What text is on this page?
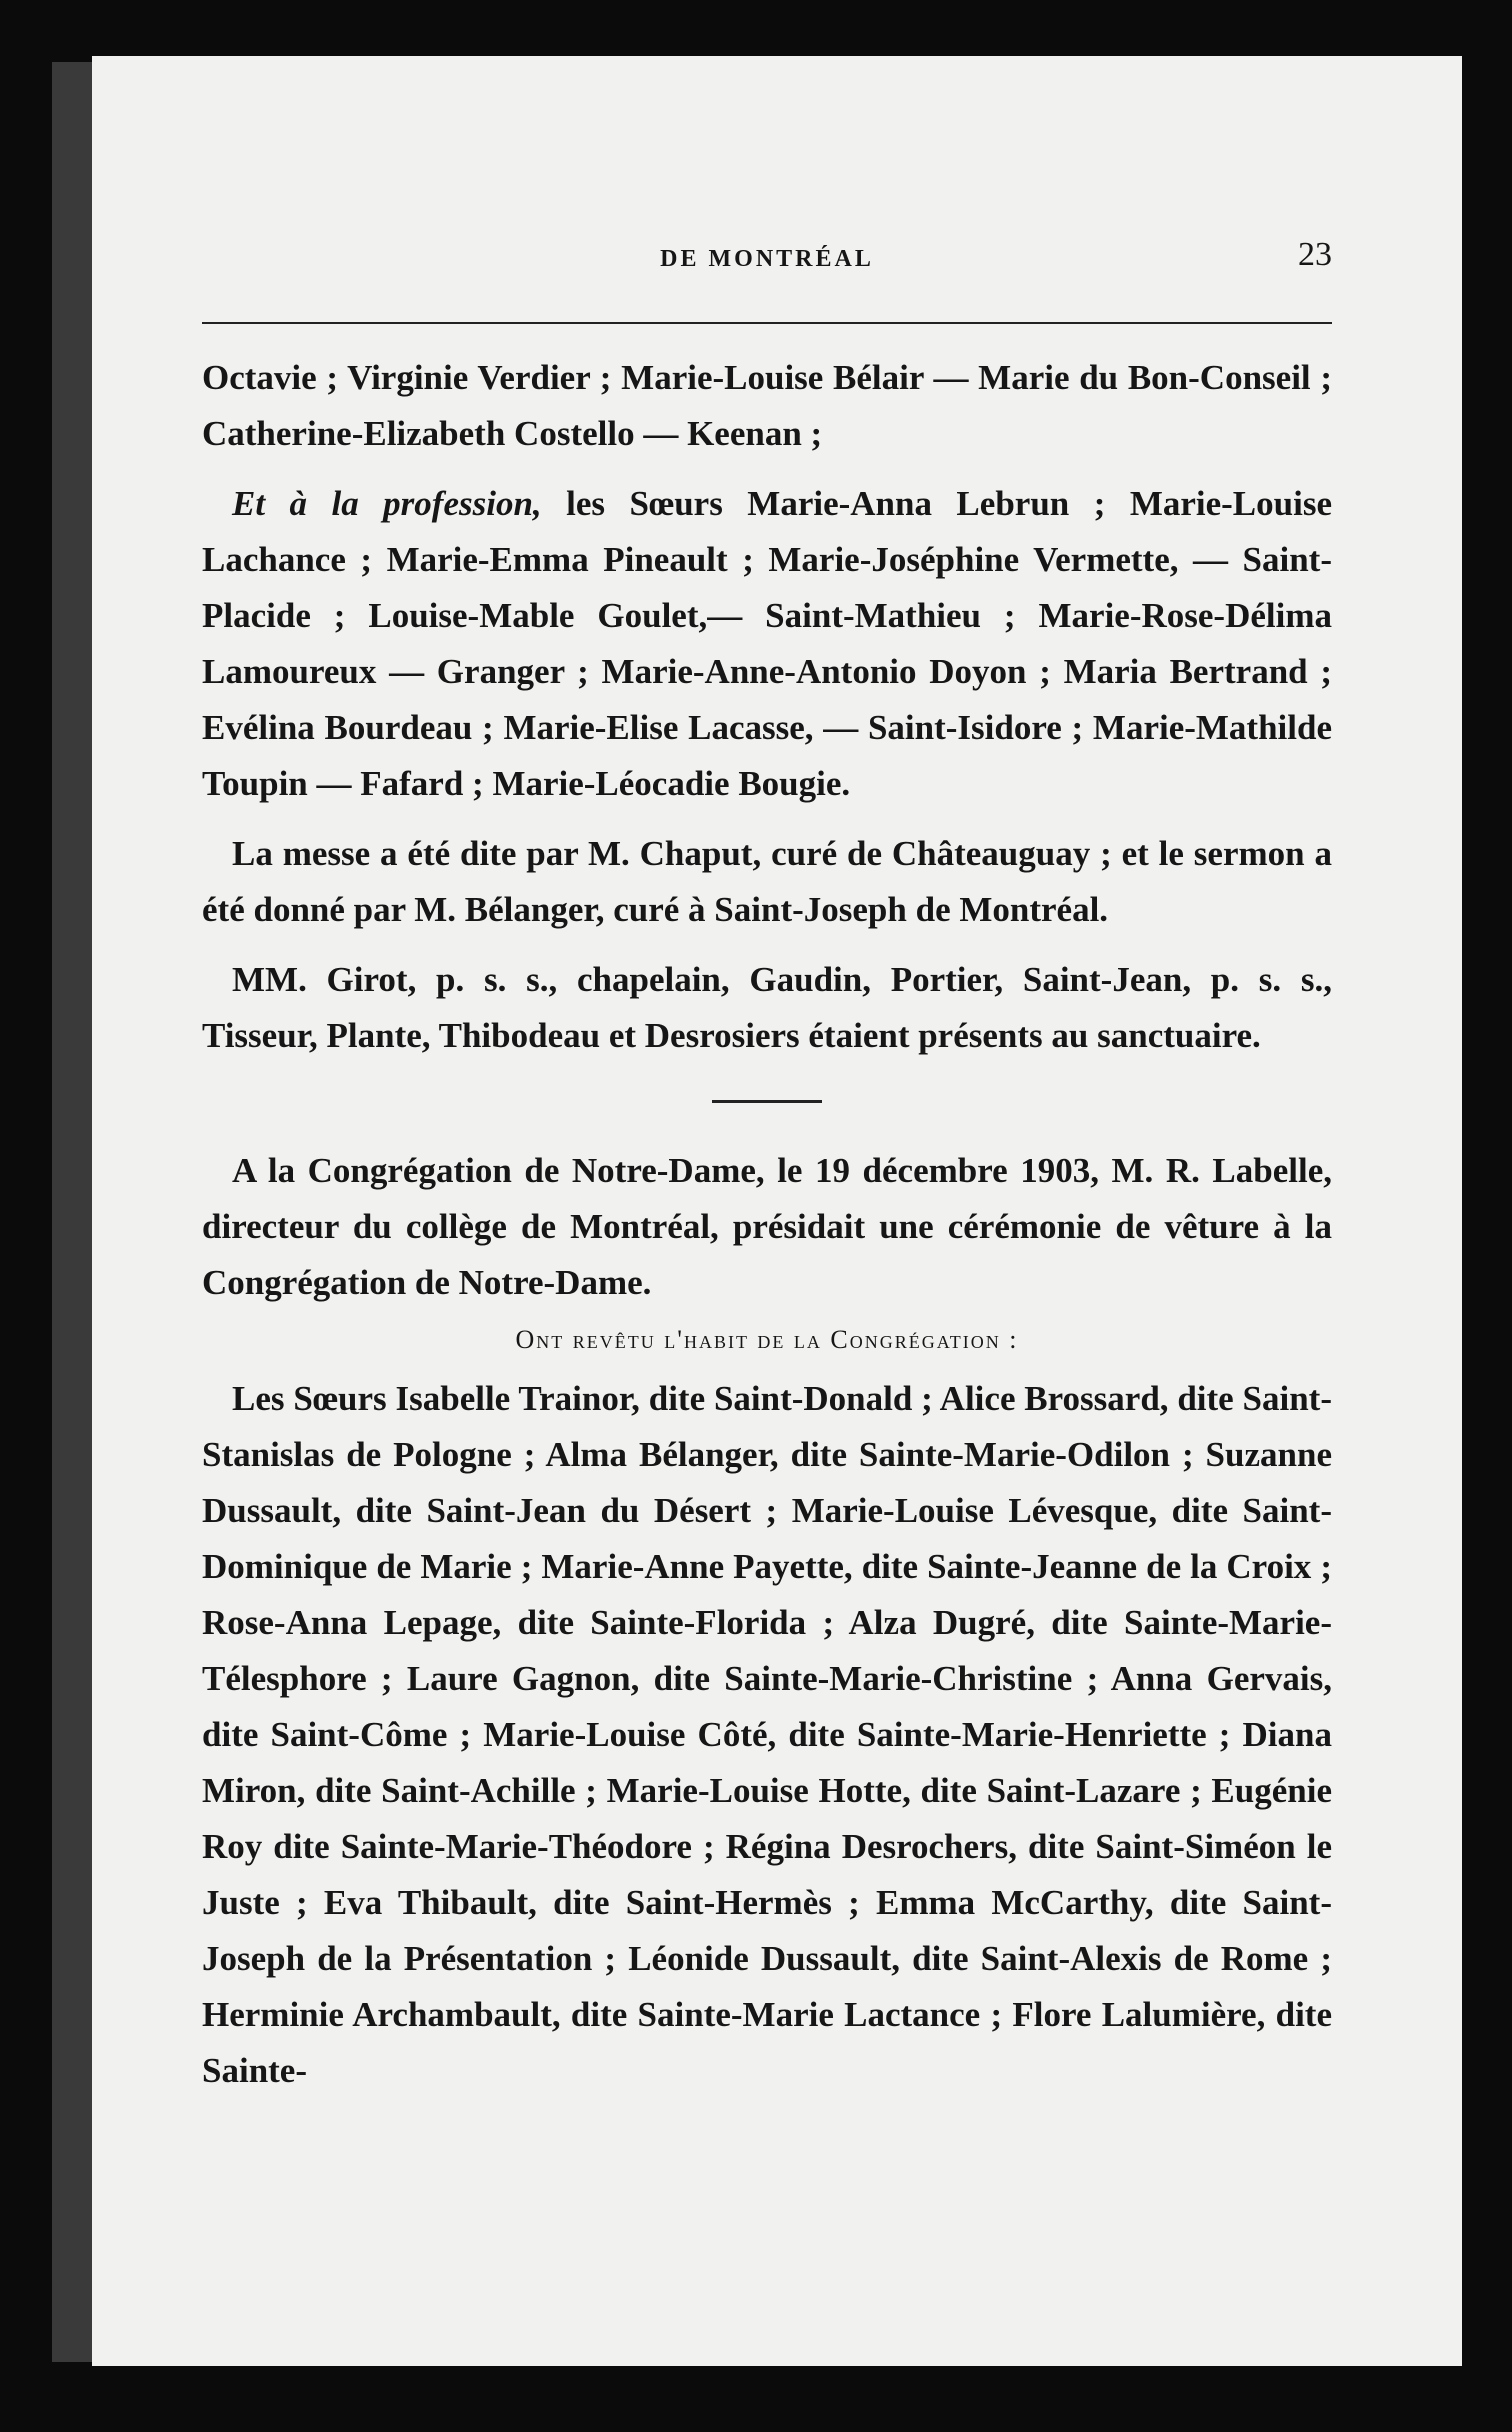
DE MONTRÉAL	23

Octavie ; Virginie Verdier ; Marie-Louise Bélair — Marie du Bon-Conseil ; Catherine-Elizabeth Costello — Keenan ;

Et à la profession, les Sœurs Marie-Anna Lebrun ; Marie-Louise Lachance ; Marie-Emma Pineault ; Marie-Joséphine Vermette, — Saint-Placide ; Louise-Mable Goulet,— Saint-Mathieu ; Marie-Rose-Délima Lamoureux — Granger ; Marie-Anne-Antonio Doyon ; Maria Bertrand ; Evélina Bourdeau ; Marie-Elise Lacasse, — Saint-Isidore ; Marie-Mathilde Toupin — Fafard ; Marie-Léocadie Bougie.

La messe a été dite par M. Chaput, curé de Châteauguay ; et le sermon a été donné par M. Bélanger, curé à Saint-Joseph de Montréal.

MM. Girot, p. s. s., chapelain, Gaudin, Portier, Saint-Jean, p. s. s., Tisseur, Plante, Thibodeau et Desrosiers étaient présents au sanctuaire.

A la Congrégation de Notre-Dame, le 19 décembre 1903, M. R. Labelle, directeur du collège de Montréal, présidait une cérémonie de vêture à la Congrégation de Notre-Dame.

Ont revêtu l'habit de la Congrégation :

Les Sœurs Isabelle Trainor, dite Saint-Donald ; Alice Brossard, dite Saint-Stanislas de Pologne ; Alma Bélanger, dite Sainte-Marie-Odilon ; Suzanne Dussault, dite Saint-Jean du Désert ; Marie-Louise Lévesque, dite Saint-Dominique de Marie ; Marie-Anne Payette, dite Sainte-Jeanne de la Croix ; Rose-Anna Lepage, dite Sainte-Florida ; Alza Dugré, dite Sainte-Marie-Télesphore ; Laure Gagnon, dite Sainte-Marie-Christine ; Anna Gervais, dite Saint-Côme ; Marie-Louise Côté, dite Sainte-Marie-Henriette ; Diana Miron, dite Saint-Achille ; Marie-Louise Hotte, dite Saint-Lazare ; Eugénie Roy dite Sainte-Marie-Théodore ; Régina Desrochers, dite Saint-Siméon le Juste ; Eva Thibault, dite Saint-Hermès ; Emma McCarthy, dite Saint-Joseph de la Présentation ; Léonide Dussault, dite Saint-Alexis de Rome ; Herminie Archambault, dite Sainte-Marie Lactance ; Flore Lalumière, dite Sainte-
